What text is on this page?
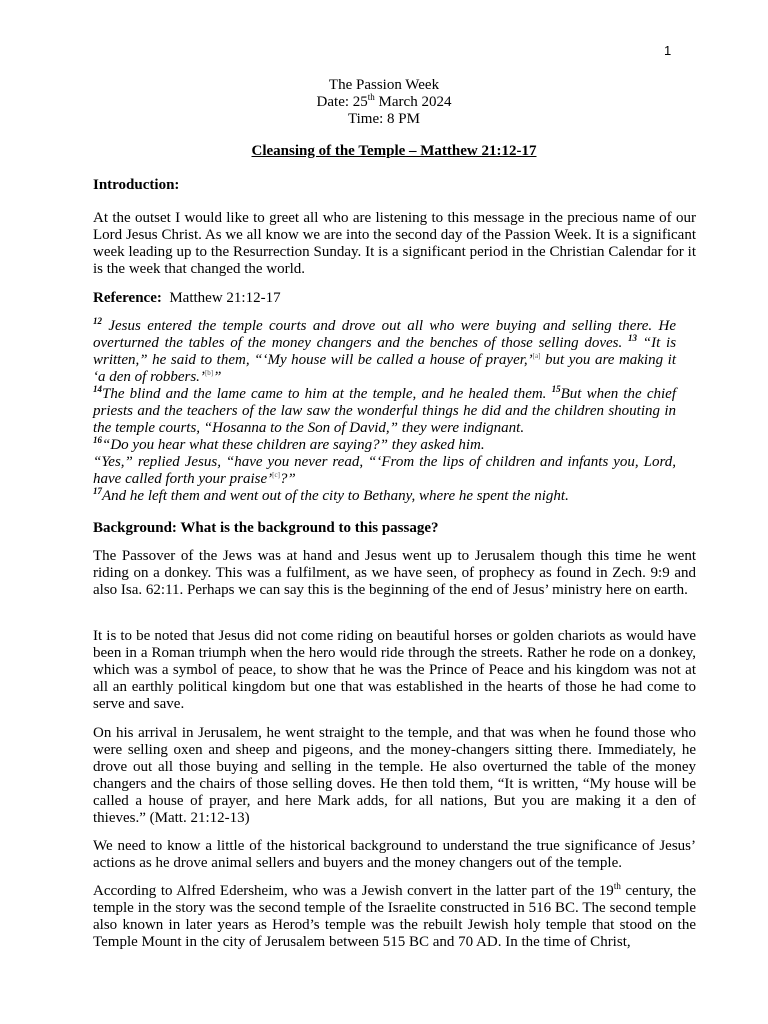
1
The Passion Week
Date: 25th March 2024
Time: 8 PM
Cleansing of the Temple – Matthew 21:12-17
Introduction:
At the outset I would like to greet all who are listening to this message in the precious name of our Lord Jesus Christ. As we all know we are into the second day of the Passion Week. It is a significant week leading up to the Resurrection Sunday. It is a significant period in the Christian Calendar for it is the week that changed the world.
Reference: Matthew 21:12-17
$^{12}$ Jesus entered the temple courts and drove out all who were buying and selling there. He overturned the tables of the money changers and the benches of those selling doves. $^{13}$ “It is written,” he said to them, “‘My house will be called a house of prayer,’[a] but you are making it ‘a den of robbers.’[b]”
$^{14}$The blind and the lame came to him at the temple, and he healed them. $^{15}$But when the chief priests and the teachers of the law saw the wonderful things he did and the children shouting in the temple courts, “Hosanna to the Son of David,” they were indignant.
$^{16}$“Do you hear what these children are saying?” they asked him.
“Yes,” replied Jesus, “have you never read, “‘From the lips of children and infants you, Lord, have called forth your praise’[c]?”
$^{17}$And he left them and went out of the city to Bethany, where he spent the night.
Background: What is the background to this passage?
The Passover of the Jews was at hand and Jesus went up to Jerusalem though this time he went riding on a donkey. This was a fulfilment, as we have seen, of prophecy as found in Zech. 9:9 and also Isa. 62:11. Perhaps we can say this is the beginning of the end of Jesus’ ministry here on earth.
It is to be noted that Jesus did not come riding on beautiful horses or golden chariots as would have been in a Roman triumph when the hero would ride through the streets. Rather he rode on a donkey, which was a symbol of peace, to show that he was the Prince of Peace and his kingdom was not at all an earthly political kingdom but one that was established in the hearts of those he had come to serve and save.
On his arrival in Jerusalem, he went straight to the temple, and that was when he found those who were selling oxen and sheep and pigeons, and the money-changers sitting there. Immediately, he drove out all those buying and selling in the temple. He also overturned the table of the money changers and the chairs of those selling doves. He then told them, “It is written, “My house will be called a house of prayer, and here Mark adds, for all nations, But you are making it a den of thieves.” (Matt. 21:12-13)
We need to know a little of the historical background to understand the true significance of Jesus’ actions as he drove animal sellers and buyers and the money changers out of the temple.
According to Alfred Edersheim, who was a Jewish convert in the latter part of the 19th century, the temple in the story was the second temple of the Israelite constructed in 516 BC. The second temple also known in later years as Herod’s temple was the rebuilt Jewish holy temple that stood on the Temple Mount in the city of Jerusalem between 515 BC and 70 AD. In the time of Christ,
